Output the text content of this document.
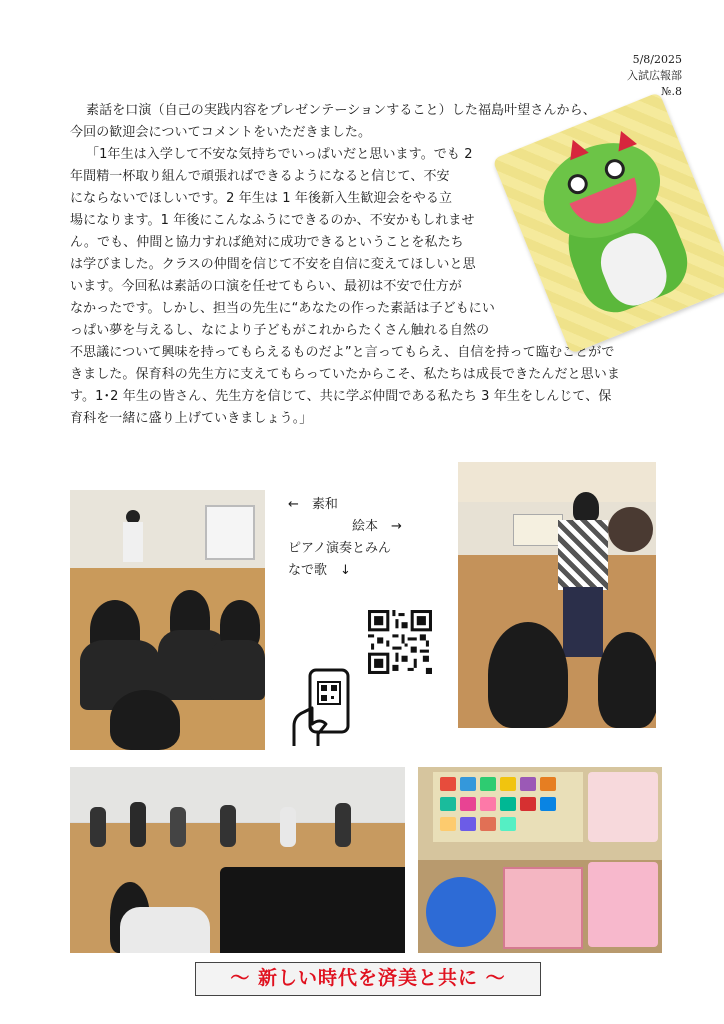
5/8/2025
入試広報部
№.8
素話を口演（自己の実践内容をプレゼンテーションすること）した福島叶望さんから、
今回の歓迎会についてコメントをいただきました。
「1年生は入学して不安な気持ちでいっぱいだと思います。でも 2
年間精一杯取り組んで頑張ればできるようになると信じて、不安
にならないでほしいです。2 年生は 1 年後新入生歓迎会をやる立
場になります。1 年後にこんなふうにできるのか、不安かもしれませ
ん。でも、仲間と協力すれば絶対に成功できるということを私たち
は学びました。クラスの仲間を信じて不安を自信に変えてほしいと思
います。今回私は素話の口演を任せてもらい、最初は不安で仕方が
なかったです。しかし、担当の先生に“あなたの作った素話は子どもにい
っぱい夢を与えるし、なにより子どもがこれからたくさん触れる自然の
不思議について興味を持ってもらえるものだよ”と言ってもらえ、自信を持って臨むことがで
きました。保育科の先生方に支えてもらっていたからこそ、私たちは成長できたんだと思いま
す。1･2 年生の皆さん、先生方を信じて、共に学ぶ仲間である私たち 3 年生をしんじて、保
育科を一緒に盛り上げていきましょう。」
←　素和
絵本　→
ピアノ演奏とみん
なで歌　↓
～ 新しい時代を済美と共に ～
